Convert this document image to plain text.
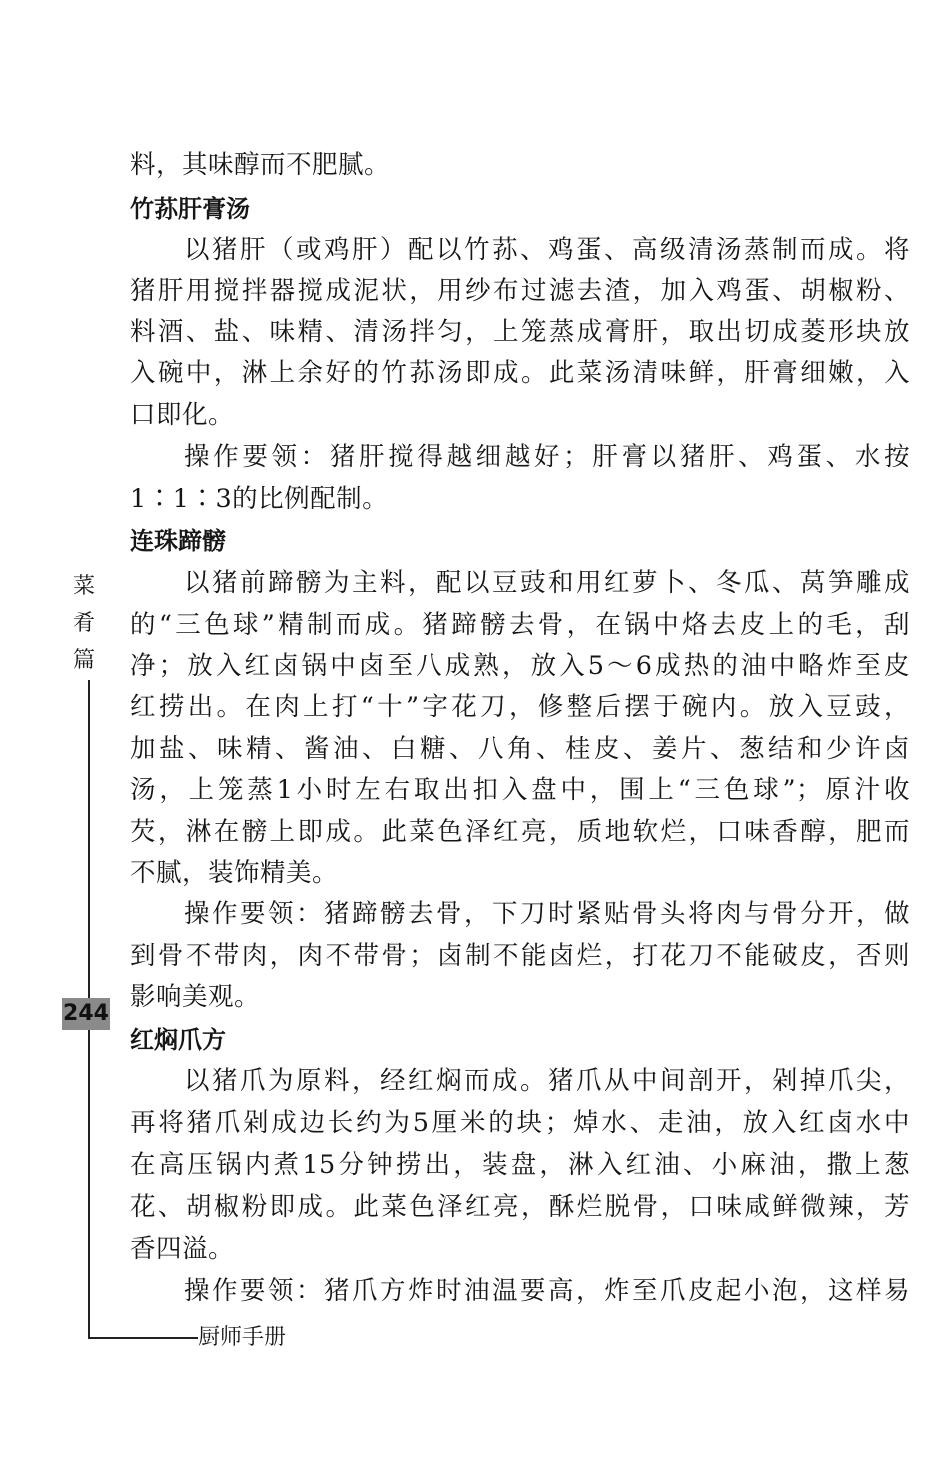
料，其味醇而不肥腻。
竹荪肝膏汤
以猪肝（或鸡肝）配以竹荪、鸡蛋、高级清汤蒸制而成。将
猪肝用搅拌器搅成泥状，用纱布过滤去渣，加入鸡蛋、胡椒粉、
料酒、盐、味精、清汤拌匀，上笼蒸成膏肝，取出切成菱形块放
入碗中，淋上余好的竹荪汤即成。此菜汤清味鲜，肝膏细嫩，入
口即化。
操作要领：猪肝搅得越细越好；肝膏以猪肝、鸡蛋、水按
1∶1∶3的比例配制。
连珠蹄髈
以猪前蹄髈为主料，配以豆豉和用红萝卜、冬瓜、莴笋雕成
的“三色球”精制而成。猪蹄髈去骨，在锅中烙去皮上的毛，刮
净；放入红卤锅中卤至八成熟，放入5～6成热的油中略炸至皮
红捞出。在肉上打“十”字花刀，修整后摆于碗内。放入豆豉，
加盐、味精、酱油、白糖、八角、桂皮、姜片、葱结和少许卤
汤，上笼蒸1小时左右取出扣入盘中，围上“三色球”；原汁收
芡，淋在髈上即成。此菜色泽红亮，质地软烂，口味香醇，肥而
不腻，装饰精美。
操作要领：猪蹄髈去骨，下刀时紧贴骨头将肉与骨分开，做
到骨不带肉，肉不带骨；卤制不能卤烂，打花刀不能破皮，否则
影响美观。
红焖爪方
以猪爪为原料，经红焖而成。猪爪从中间剖开，剁掉爪尖，
再将猪爪剁成边长约为5厘米的块；焯水、走油，放入红卤水中
在高压锅内煮15分钟捞出，装盘，淋入红油、小麻油，撒上葱
花、胡椒粉即成。此菜色泽红亮，酥烂脱骨，口味咸鲜微辣，芳
香四溢。
操作要领：猪爪方炸时油温要高，炸至爪皮起小泡，这样易
菜
肴
篇
244
厨师手册
